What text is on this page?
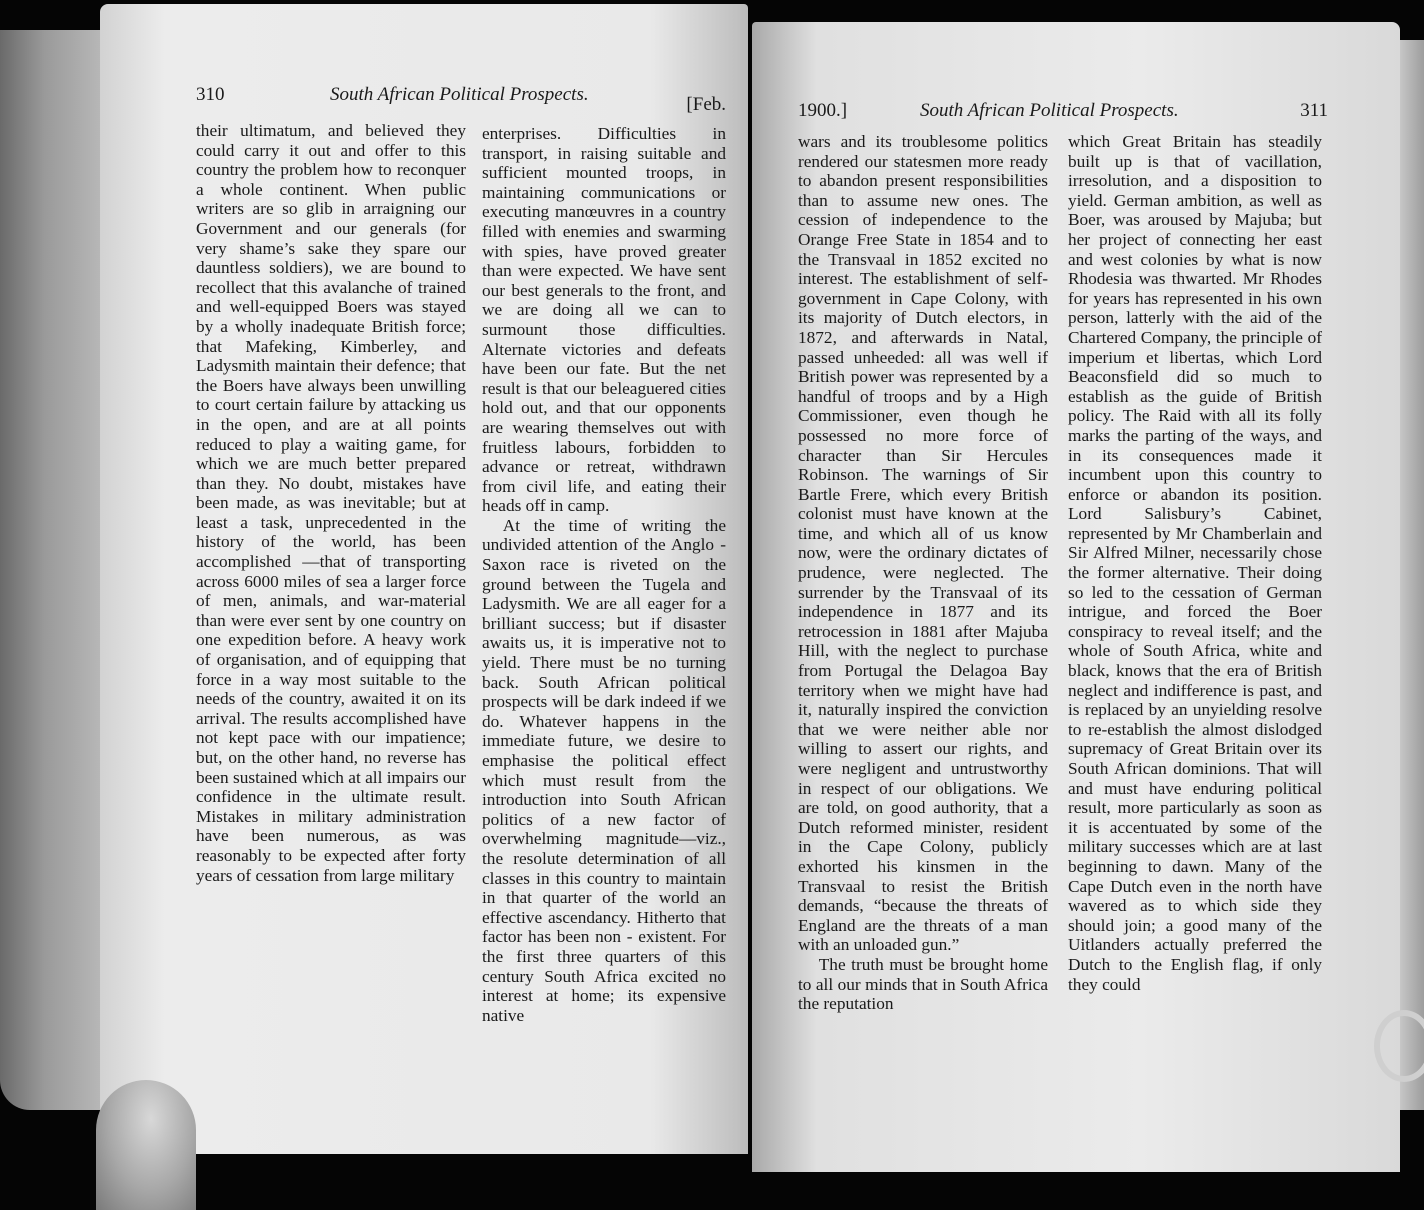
310	South African Political Prospects.	[Feb.

their ultimatum, and believed they could carry it out and offer to this country the problem how to reconquer a whole continent. When public writers are so glib in arraigning our Government and our generals (for very shame’s sake they spare our dauntless soldiers), we are bound to recollect that this avalanche of trained and well-equipped Boers was stayed by a wholly inadequate British force; that Mafeking, Kimberley, and Ladysmith maintain their defence; that the Boers have always been unwilling to court certain failure by attacking us in the open, and are at all points reduced to play a waiting game, for which we are much better prepared than they. No doubt, mistakes have been made, as was inevitable; but at least a task, unprecedented in the history of the world, has been accomplished —that of transporting across 6000 miles of sea a larger force of men, animals, and war-material than were ever sent by one country on one expedition before. A heavy work of organisation, and of equipping that force in a way most suitable to the needs of the country, awaited it on its arrival. The results accomplished have not kept pace with our impatience; but, on the other hand, no reverse has been sustained which at all impairs our confidence in the ultimate result. Mistakes in military administration have been numerous, as was reasonably to be expected after forty years of cessation from large military

enterprises. Difficulties in transport, in raising suitable and sufficient mounted troops, in maintaining communications or executing manœuvres in a country filled with enemies and swarming with spies, have proved greater than were expected. We have sent our best generals to the front, and we are doing all we can to surmount those difficulties. Alternate victories and defeats have been our fate. But the net result is that our beleaguered cities hold out, and that our opponents are wearing themselves out with fruitless labours, forbidden to advance or retreat, withdrawn from civil life, and eating their heads off in camp.

At the time of writing the undivided attention of the Anglo - Saxon race is riveted on the ground between the Tugela and Ladysmith. We are all eager for a brilliant success; but if disaster awaits us, it is imperative not to yield. There must be no turning back. South African political prospects will be dark indeed if we do. Whatever happens in the immediate future, we desire to emphasise the political effect which must result from the introduction into South African politics of a new factor of overwhelming magnitude—viz., the resolute determination of all classes in this country to maintain in that quarter of the world an effective ascendancy. Hitherto that factor has been non - existent. For the first three quarters of this century South Africa excited no interest at home; its expensive native

1900.]	South African Political Prospects.	311

wars and its troublesome politics rendered our statesmen more ready to abandon present responsibilities than to assume new ones. The cession of independence to the Orange Free State in 1854 and to the Transvaal in 1852 excited no interest. The establishment of self-government in Cape Colony, with its majority of Dutch electors, in 1872, and afterwards in Natal, passed unheeded: all was well if British power was represented by a handful of troops and by a High Commissioner, even though he possessed no more force of character than Sir Hercules Robinson. The warnings of Sir Bartle Frere, which every British colonist must have known at the time, and which all of us know now, were the ordinary dictates of prudence, were neglected. The surrender by the Transvaal of its independence in 1877 and its retrocession in 1881 after Majuba Hill, with the neglect to purchase from Portugal the Delagoa Bay territory when we might have had it, naturally inspired the conviction that we were neither able nor willing to assert our rights, and were negligent and untrustworthy in respect of our obligations. We are told, on good authority, that a Dutch reformed minister, resident in the Cape Colony, publicly exhorted his kinsmen in the Transvaal to resist the British demands, “because the threats of England are the threats of a man with an unloaded gun.”

The truth must be brought home to all our minds that in South Africa the reputation

which Great Britain has steadily built up is that of vacillation, irresolution, and a disposition to yield. German ambition, as well as Boer, was aroused by Majuba; but her project of connecting her east and west colonies by what is now Rhodesia was thwarted. Mr Rhodes for years has represented in his own person, latterly with the aid of the Chartered Company, the principle of imperium et libertas, which Lord Beaconsfield did so much to establish as the guide of British policy. The Raid with all its folly marks the parting of the ways, and in its consequences made it incumbent upon this country to enforce or abandon its position. Lord Salisbury’s Cabinet, represented by Mr Chamberlain and Sir Alfred Milner, necessarily chose the former alternative. Their doing so led to the cessation of German intrigue, and forced the Boer conspiracy to reveal itself; and the whole of South Africa, white and black, knows that the era of British neglect and indifference is past, and is replaced by an unyielding resolve to re-establish the almost dislodged supremacy of Great Britain over its South African dominions. That will and must have enduring political result, more particularly as soon as it is accentuated by some of the military successes which are at last beginning to dawn. Many of the Cape Dutch even in the north have wavered as to which side they should join; a good many of the Uitlanders actually preferred the Dutch to the English flag, if only they could
